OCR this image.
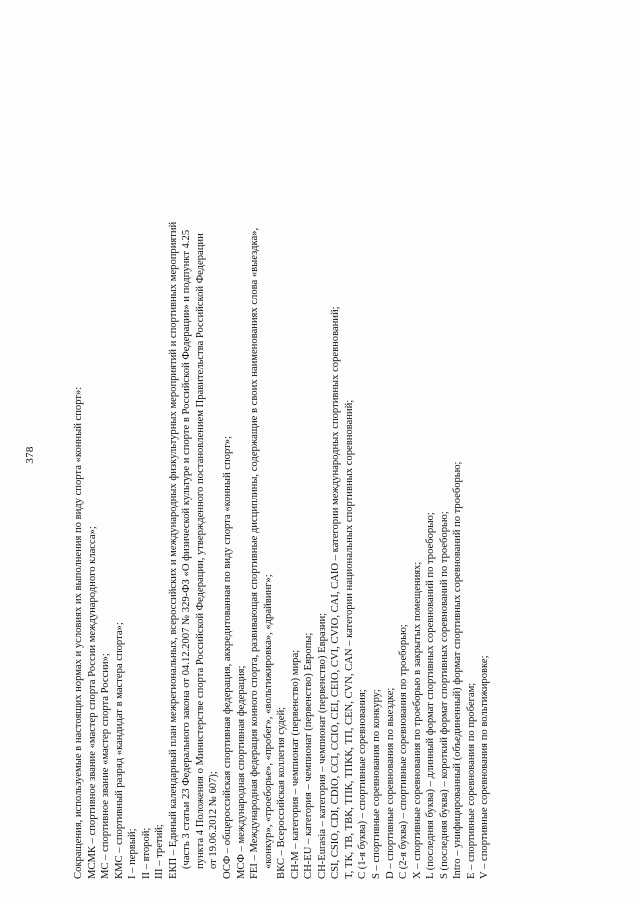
378	Сокращения, используемые в настоящих нормах и условиях их выполнения по виду спорта «конный спорт»: МСМК – спортивное звание «мастер спорта России международного класса»; МС – спортивное звание «мастер спорта России»; КМС – спортивный разряд «кандидат в мастера спорта»; I – первый; II – второй; III – третий; ЕКП – Единый календарный план межрегиональных, всероссийских и международных физкультурных мероприятий и спортивных мероприятий (часть 3 статьи 23 Федерального закона от 04.12.2007 № 329-ФЗ «О физической культуре и спорте в Российской Федерации» и подпункт 4.25 пункта 4 Положения о Министерстве спорта Российской Федерации, утвержденного постановлением Правительства Российской Федерации от 19.06.2012 № 607); ОСФ – общероссийская спортивная федерация, аккредитованная по виду спорта «конный спорт»; МСФ – международная спортивная федерация; FEI – Международная федерация конного спорта, развивающая спортивные дисциплины, содержащие в своих наименованиях слова «выездка», «конкур», «троеборье», «пробег», «вольтижировка», «драйвинг»; ВКС – Всероссийская коллегия судей; CH-M – категория – чемпионат (первенство) мира; CH-EU – категория – чемпионат (первенство) Европы; CH-Eurasia – категория – чемпионат (первенство) Евразии; CSI, CSIO, CDI, CDIO, CCI, CCIO, CEI, CEIO, CVI, CVIO, CAI, CAIO – категории международных спортивных соревнований; T, ТК, ТВ, ТВК, ТПК, ТПКК, ТП, CEN, CVN, CAN – категории национальных спортивных соревнований; С (1-я буква) – спортивные соревнования; S – спортивные соревнования по конкуру; D – спортивные соревнования по выездке; С (2-я буква) – спортивные соревнования по троеборью; X – спортивные соревнования по троеборью в закрытых помещениях; L (последняя буква) – длинный формат спортивных соревнований по троеборью; S (последняя буква) – короткий формат спортивных соревнований по троеборью; Intro – унифицированный (объединенный) формат спортивных соревнований по троеборью; E – спортивные соревнования по пробегам; V – спортивные соревнования по вольтижировке;
